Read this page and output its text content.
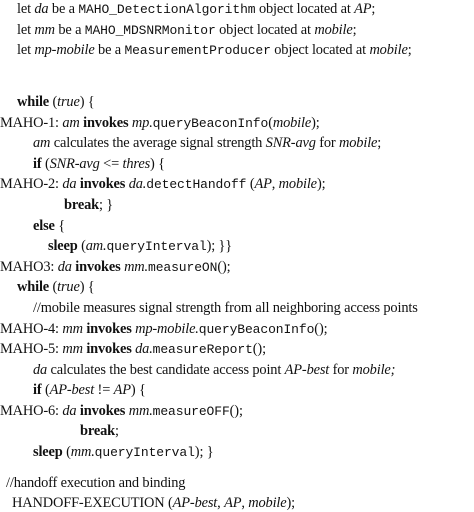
let da be a MAHO_DetectionAlgorithm object located at AP;
let mm be a MAHO_MDSNRMonitor object located at mobile;
let mp-mobile be a MeasurementProducer object located at mobile;
while (true) {
MAHO-1: am invokes mp.queryBeaconInfo(mobile);
am calculates the average signal strength SNR-avg for mobile;
if (SNR-avg <= thres) {
MAHO-2: da invokes da.detectHandoff (AP, mobile);
break; }
else {
sleep (am.queryInterval); }}
MAHO3: da invokes mm.measureON();
while (true) {
//mobile measures signal strength from all neighboring access points
MAHO-4: mm invokes mp-mobile.queryBeaconInfo();
MAHO-5: mm invokes da.measureReport();
da calculates the best candidate access point AP-best for mobile;
if (AP-best != AP) {
MAHO-6: da invokes mm.measureOFF();
break;
sleep (mm.queryInterval); }
//handoff execution and binding
HANDOFF-EXECUTION (AP-best, AP, mobile);
